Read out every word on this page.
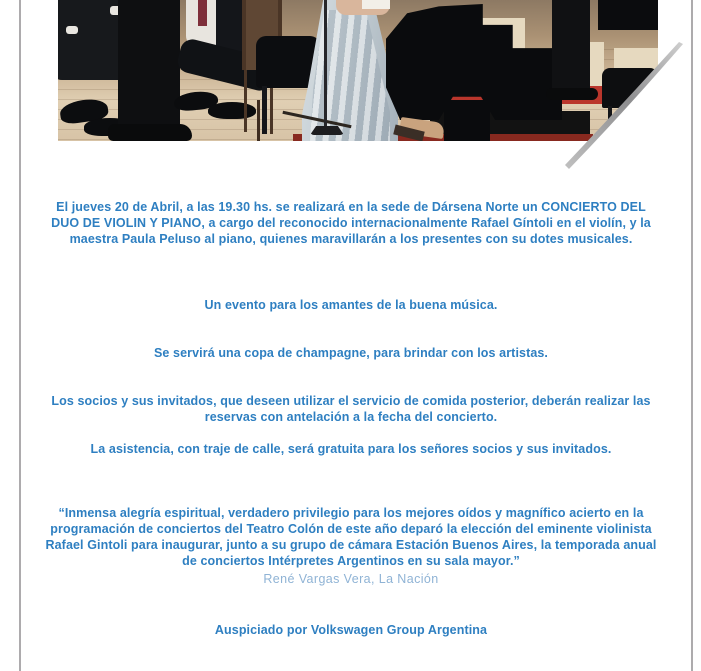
El jueves 20 de Abril, a las 19.30 hs. se realizará en la sede de Dársena Norte un CONCIERTO DEL DUO DE VIOLIN Y PIANO, a cargo del reconocido internacionalmente Rafael Gíntoli en el violín, y la maestra Paula Peluso al piano, quienes maravillarán a los presentes con su dotes musicales.

Un evento para los amantes de la buena música.

Se servirá una copa de champagne, para brindar con los artistas.

Los socios y sus invitados, que deseen utilizar el servicio de comida posterior, deberán realizar las reservas con antelación a la fecha del concierto.

La asistencia, con traje de calle, será gratuita para los señores socios y sus invitados.

“Inmensa alegría espiritual, verdadero privilegio para los mejores oídos y magnífico acierto en la programación de conciertos del Teatro Colón de este año deparó la elección del eminente violinista Rafael Gintoli para inaugurar, junto a su grupo de cámara Estación Buenos Aires, la temporada anual de conciertos Intérpretes Argentinos en su sala mayor.”

René Vargas Vera, La Nación

Auspiciado por Volkswagen Group Argentina
